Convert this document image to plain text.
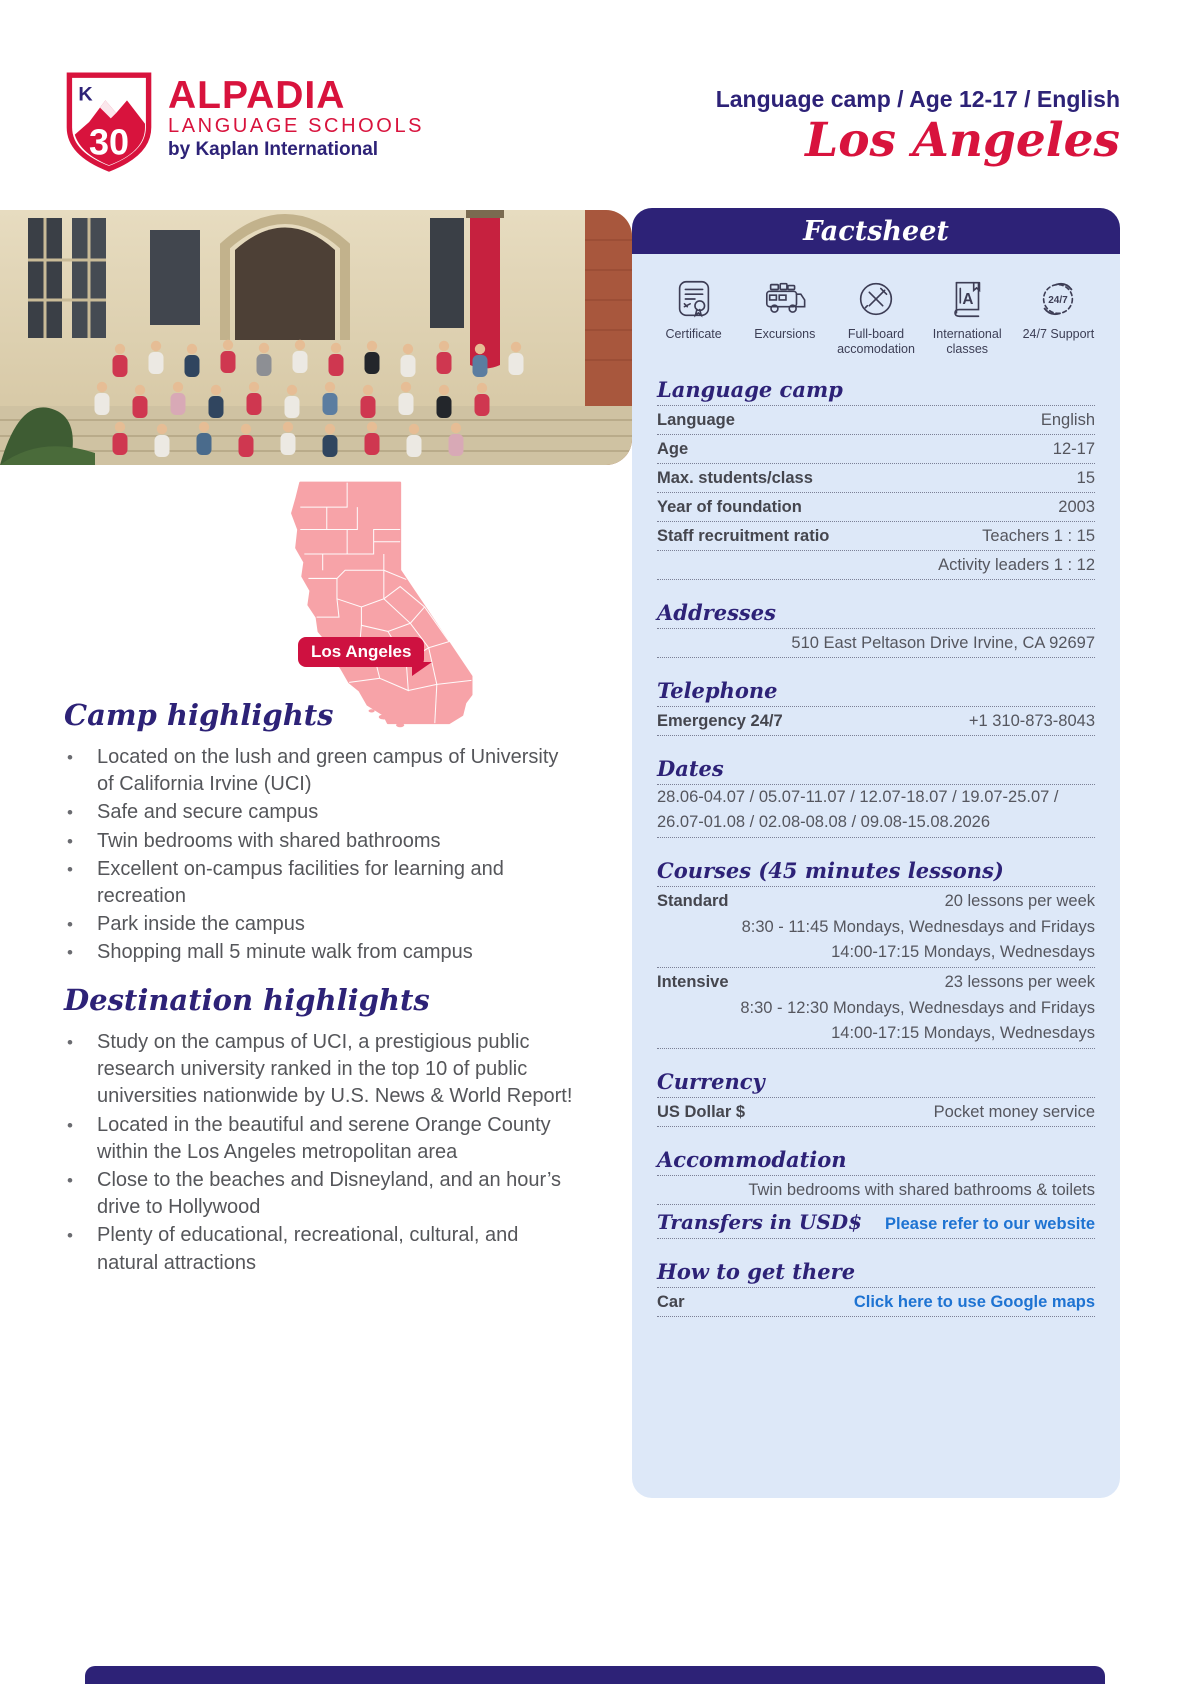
K
30
ALPADIA
LANGUAGE SCHOOLS
by Kaplan International
Language camp / Age 12-17 / English
Los Angeles
Los Angeles
Camp highlights
• Located on the lush and green campus of University of California Irvine (UCI)
• Safe and secure campus
• Twin bedrooms with shared bathrooms
• Excellent on-campus facilities for learning and recreation
• Park inside the campus
• Shopping mall 5 minute walk from campus
Destination highlights
• Study on the campus of UCI, a prestigious public research university ranked in the top 10 of public universities nationwide by U.S. News & World Report!
• Located in the beautiful and serene Orange County within the Los Angeles metropolitan area
• Close to the beaches and Disneyland, and an hour’s drive to Hollywood
• Plenty of educational, recreational, cultural, and natural attractions
Factsheet
Certificate	Excursions	Full-board accomodation
A
International classes
24/7
24/7 Support
Language camp
Language	English
Age	12-17
Max. students/class	15
Year of foundation	2003
Staff recruitment ratio	Teachers 1 : 15
Activity leaders 1 : 12
Addresses
510 East Peltason Drive Irvine, CA 92697
Telephone
Emergency 24/7	+1 310-873-8043
Dates
28.06-04.07 / 05.07-11.07 / 12.07-18.07 / 19.07-25.07 /
26.07-01.08 / 02.08-08.08 / 09.08-15.08.2026
Courses (45 minutes lessons)
Standard	20 lessons per week
8:30 - 11:45 Mondays, Wednesdays and Fridays
14:00-17:15 Mondays, Wednesdays
Intensive	23 lessons per week
8:30 - 12:30 Mondays, Wednesdays and Fridays
14:00-17:15 Mondays, Wednesdays
Currency
US Dollar $	Pocket money service
Accommodation
Twin bedrooms with shared bathrooms & toilets
Transfers in USD$	Please refer to our website
How to get there
Car	Click here to use Google maps
